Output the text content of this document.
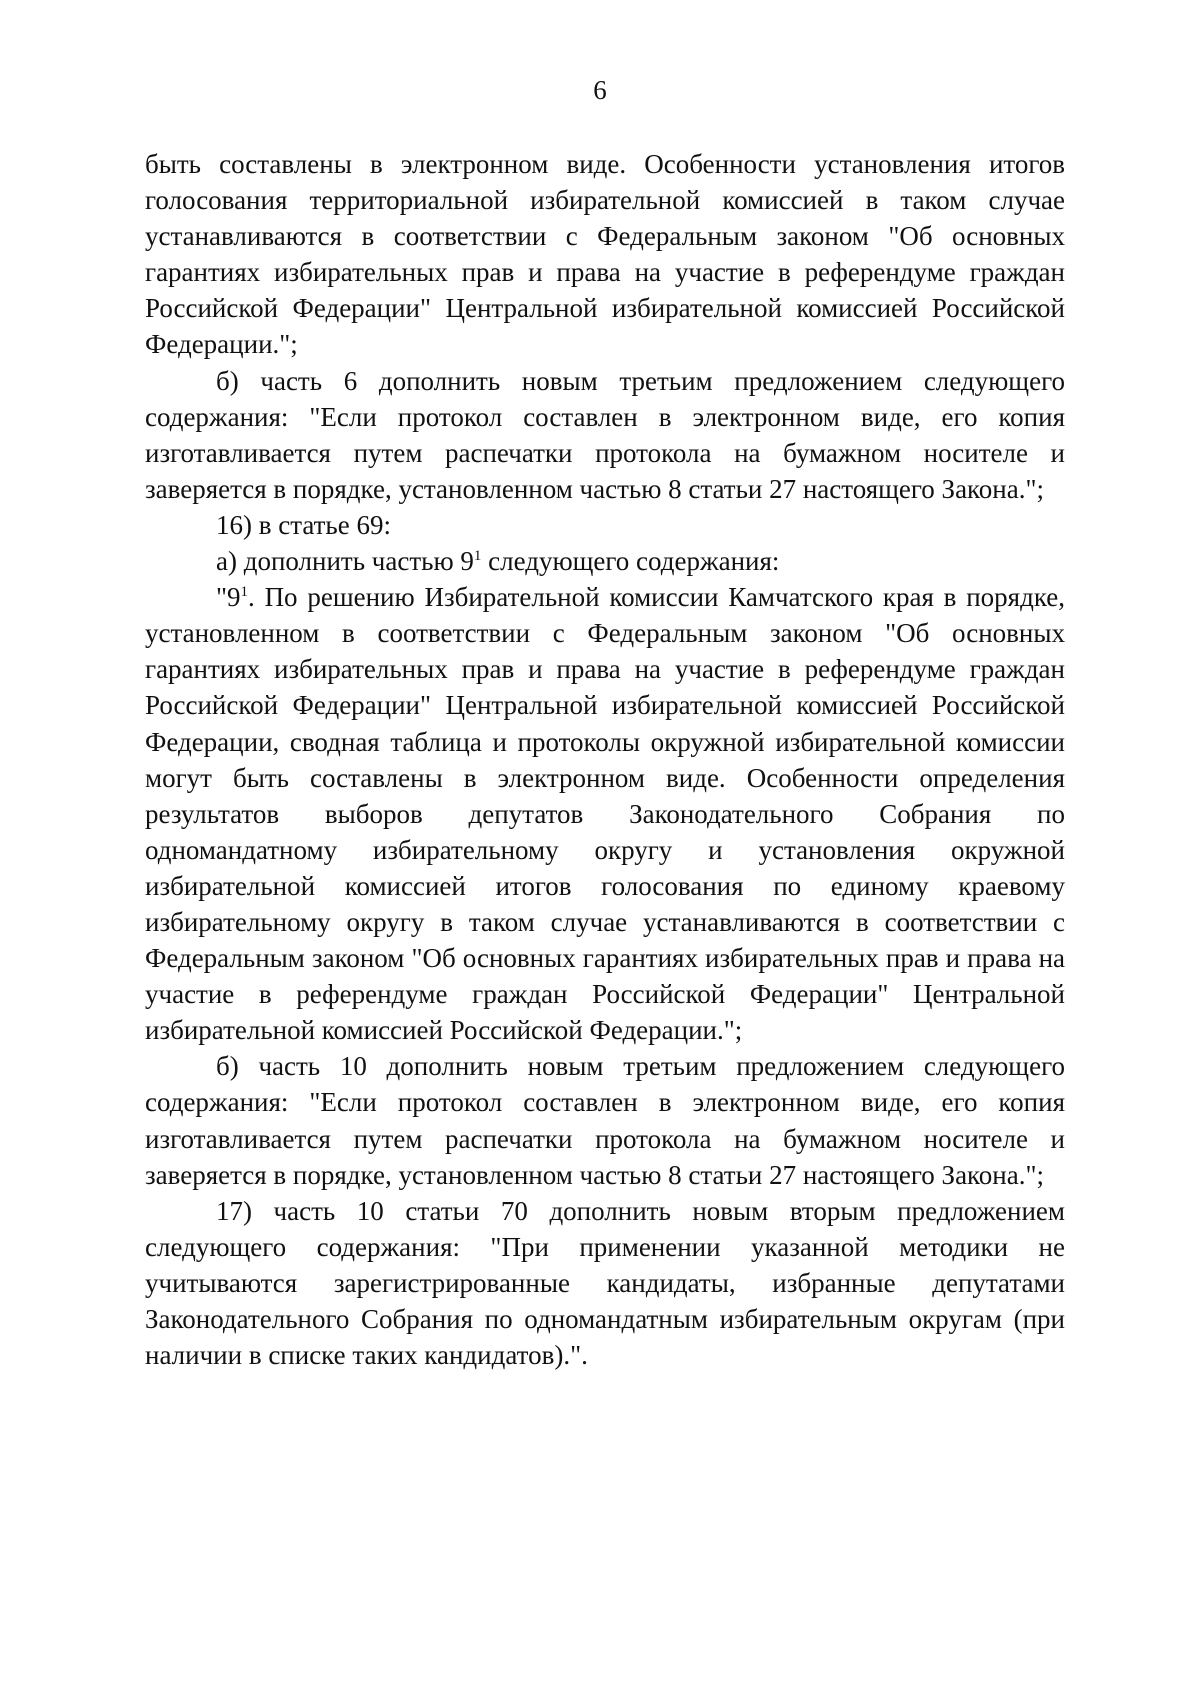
6

быть составлены в электронном виде. Особенности установления итогов голосования территориальной избирательной комиссией в таком случае устанавливаются в соответствии с Федеральным законом "Об основных гарантиях избирательных прав и права на участие в референдуме граждан Российской Федерации" Центральной избирательной комиссией Российской Федерации.";

б) часть 6 дополнить новым третьим предложением следующего содержания: "Если протокол составлен в электронном виде, его копия изготавливается путем распечатки протокола на бумажном носителе и заверяется в порядке, установленном частью 8 статьи 27 настоящего Закона.";

16) в статье 69:

а) дополнить частью $9^1$ следующего содержания:

"$9^1$. По решению Избирательной комиссии Камчатского края в порядке, установленном в соответствии с Федеральным законом "Об основных гарантиях избирательных прав и права на участие в референдуме граждан Российской Федерации" Центральной избирательной комиссией Российской Федерации, сводная таблица и протоколы окружной избирательной комиссии могут быть составлены в электронном виде. Особенности определения результатов выборов депутатов Законодательного Собрания по одномандатному избирательному округу и установления окружной избирательной комиссией итогов голосования по единому краевому избирательному округу в таком случае устанавливаются в соответствии с Федеральным законом "Об основных гарантиях избирательных прав и права на участие в референдуме граждан Российской Федерации" Центральной избирательной комиссией Российской Федерации.";

б) часть 10 дополнить новым третьим предложением следующего содержания: "Если протокол составлен в электронном виде, его копия изготавливается путем распечатки протокола на бумажном носителе и заверяется в порядке, установленном частью 8 статьи 27 настоящего Закона.";

17) часть 10 статьи 70 дополнить новым вторым предложением следующего содержания: "При применении указанной методики не учитываются зарегистрированные кандидаты, избранные депутатами Законодательного Собрания по одномандатным избирательным округам (при наличии в списке таких кандидатов).".
